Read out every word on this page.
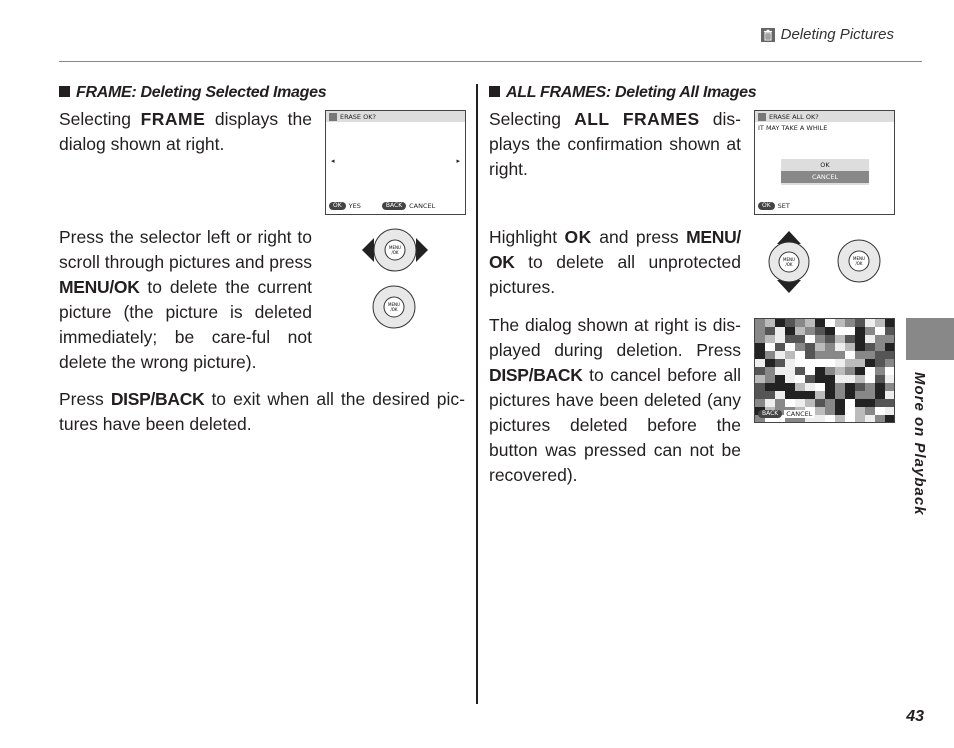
Deleting Pictures
FRAME: Deleting Selected Images
Selecting FRAME displays the dialog shown at right.
ERASE OK?
◂	▸
OK	YES	BACK	CANCEL
Press the selector left or right to scroll through pictures and press MENU/OK to delete the current picture (the picture is deleted immediately; be care-ful not delete the wrong picture).
MENU
/OK
MENU
/OK
Press DISP/BACK to exit when all the desired pic-tures have been deleted.
ALL FRAMES: Deleting All Images
Selecting ALL FRAMES dis-plays the confirmation shown at right.
ERASE ALL OK?
IT MAY TAKE A WHILE
OK
CANCEL
OK	SET
Highlight OK and press MENU/ OK to delete all unprotected pictures.
MENU
/OK
MENU
/OK
The dialog shown at right is dis-played during deletion. Press DISP/BACK to cancel before all pictures have been deleted (any pictures deleted before the button was pressed can not be recovered).
BACK	CANCEL	More on Playback
43
